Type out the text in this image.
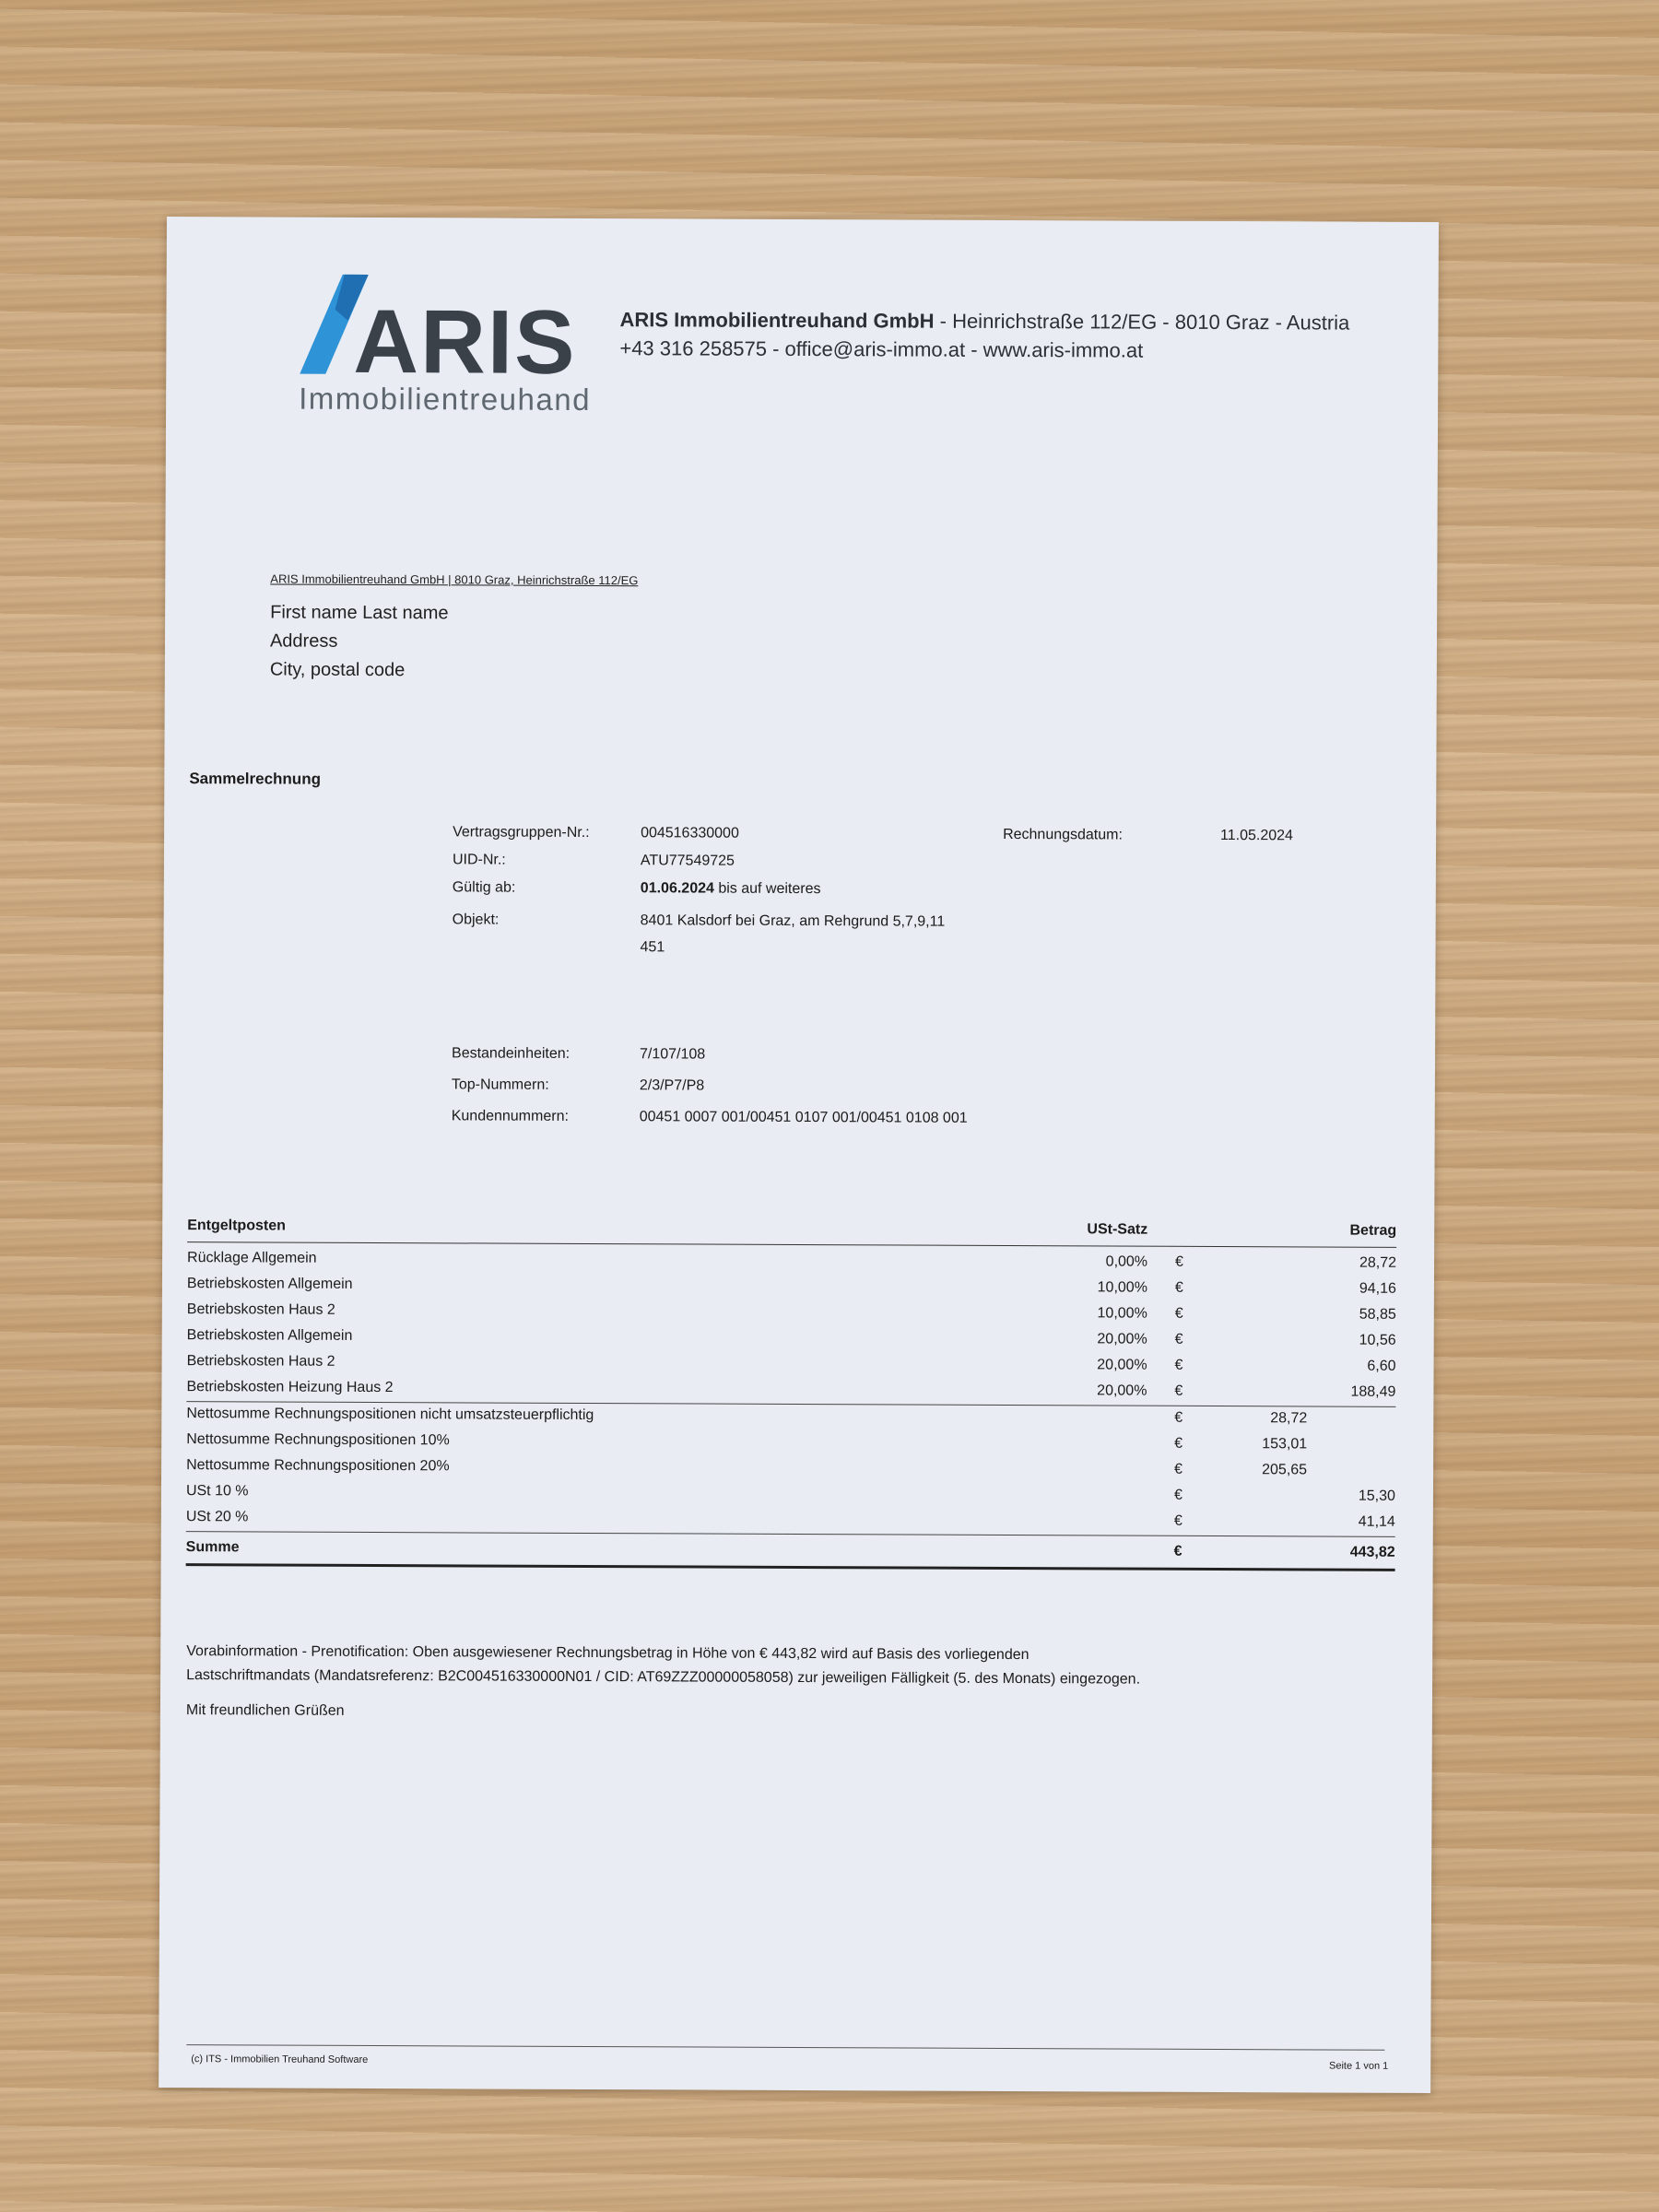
ARIS
Immobilientreuhand
ARIS Immobilientreuhand GmbH - Heinrichstraße 112/EG - 8010 Graz - Austria
+43 316 258575 - office@aris-immo.at - www.aris-immo.at
ARIS Immobilientreuhand GmbH | 8010 Graz, Heinrichstraße 112/EG
First name Last name
Address
City, postal code
Sammelrechnung
Vertragsgruppen-Nr.:	004516330000
UID-Nr.:	ATU77549725
Gültig ab:	01.06.2024 bis auf weiteres
Objekt:	8401 Kalsdorf bei Graz, am Rehgrund 5,7,9,11
451
Bestandeinheiten:	7/107/108
Top-Nummern:	2/3/P7/P8
Kundennummern:	00451 0007 001/00451 0107 001/00451 0108 001
Rechnungsdatum:	11.05.2024
Entgeltposten	USt-Satz	Betrag
Rücklage Allgemein	0,00% €	28,72
Betriebskosten Allgemein	10,00% €	94,16
Betriebskosten Haus 2	10,00% €	58,85
Betriebskosten Allgemein	20,00% €	10,56
Betriebskosten Haus 2	20,00% €	6,60
Betriebskosten Heizung Haus 2	20,00% €	188,49
Nettosumme Rechnungspositionen nicht umsatzsteuerpflichtig	€	28,72
Nettosumme Rechnungspositionen 10%	€	153,01
Nettosumme Rechnungspositionen 20%	€	205,65
USt 10 %	€	15,30
USt 20 %	€	41,14
Summe	€	443,82
Vorabinformation - Prenotification: Oben ausgewiesener Rechnungsbetrag in Höhe von € 443,82 wird auf Basis des vorliegenden
Lastschriftmandats (Mandatsreferenz: B2C004516330000N01 / CID: AT69ZZZ00000058058) zur jeweiligen Fälligkeit (5. des Monats) eingezogen.
Mit freundlichen Grüßen
(c) ITS - Immobilien Treuhand Software
Seite 1 von 1
